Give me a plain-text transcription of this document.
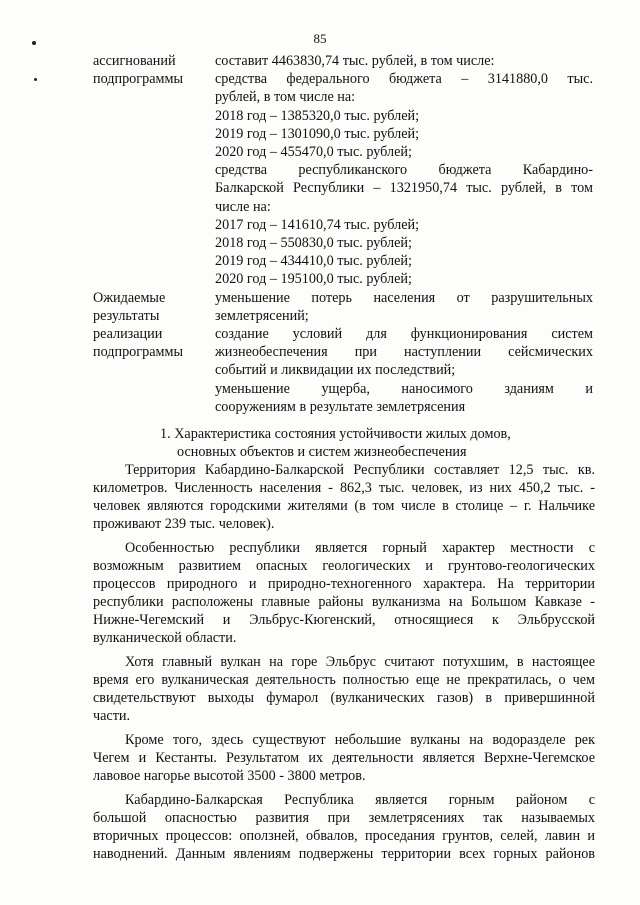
85
ассигнований
подпрограммы
составит 4463830,74 тыс. рублей, в том числе:
средства федерального бюджета – 3141880,0 тыс.
рублей, в том числе на:
2018 год – 1385320,0 тыс. рублей;
2019 год – 1301090,0 тыс. рублей;
2020 год – 455470,0 тыс. рублей;
средства республиканского бюджета Кабардино-
Балкарской Республики – 1321950,74 тыс. рублей, в том
числе на:
2017 год – 141610,74 тыс. рублей;
2018 год – 550830,0 тыс. рублей;
2019 год – 434410,0 тыс. рублей;
2020 год – 195100,0 тыс. рублей;
Ожидаемые
результаты
реализации
подпрограммы
уменьшение потерь населения от разрушительных
землетрясений;
создание условий для функционирования систем
жизнеобеспечения при наступлении сейсмических
событий и ликвидации их последствий;
уменьшение ущерба, наносимого зданиям и
сооружениям в результате землетрясения
1. Характеристика состояния устойчивости жилых домов,
основных объектов и систем жизнеобеспечения
Территория Кабардино-Балкарской Республики составляет 12,5 тыс. кв.
километров. Численность населения - 862,3 тыс. человек, из них 450,2 тыс. -
человек являются городскими жителями (в том числе в столице – г. Нальчике
проживают 239 тыс. человек).
Особенностью республики является горный характер местности с
возможным развитием опасных геологических и грунтово-геологических
процессов природного и природно-техногенного характера. На территории
республики расположены главные районы вулканизма на Большом Кавказе -
Нижне-Чегемский и Эльбрус-Кюгенский, относящиеся к Эльбрусской
вулканической области.
Хотя главный вулкан на горе Эльбрус считают потухшим, в настоящее
время его вулканическая деятельность полностью еще не прекратилась, о чем
свидетельствуют выходы фумарол (вулканических газов) в привершинной
части.
Кроме того, здесь существуют небольшие вулканы на водоразделе рек
Чегем и Кестанты. Результатом их деятельности является Верхне-Чегемское
лавовое нагорье высотой 3500 - 3800 метров.
Кабардино-Балкарская Республика является горным районом с
большой опасностью развития при землетрясениях так называемых
вторичных процессов: оползней, обвалов, проседания грунтов, селей, лавин и
наводнений. Данным явлениям подвержены территории всех горных районов
